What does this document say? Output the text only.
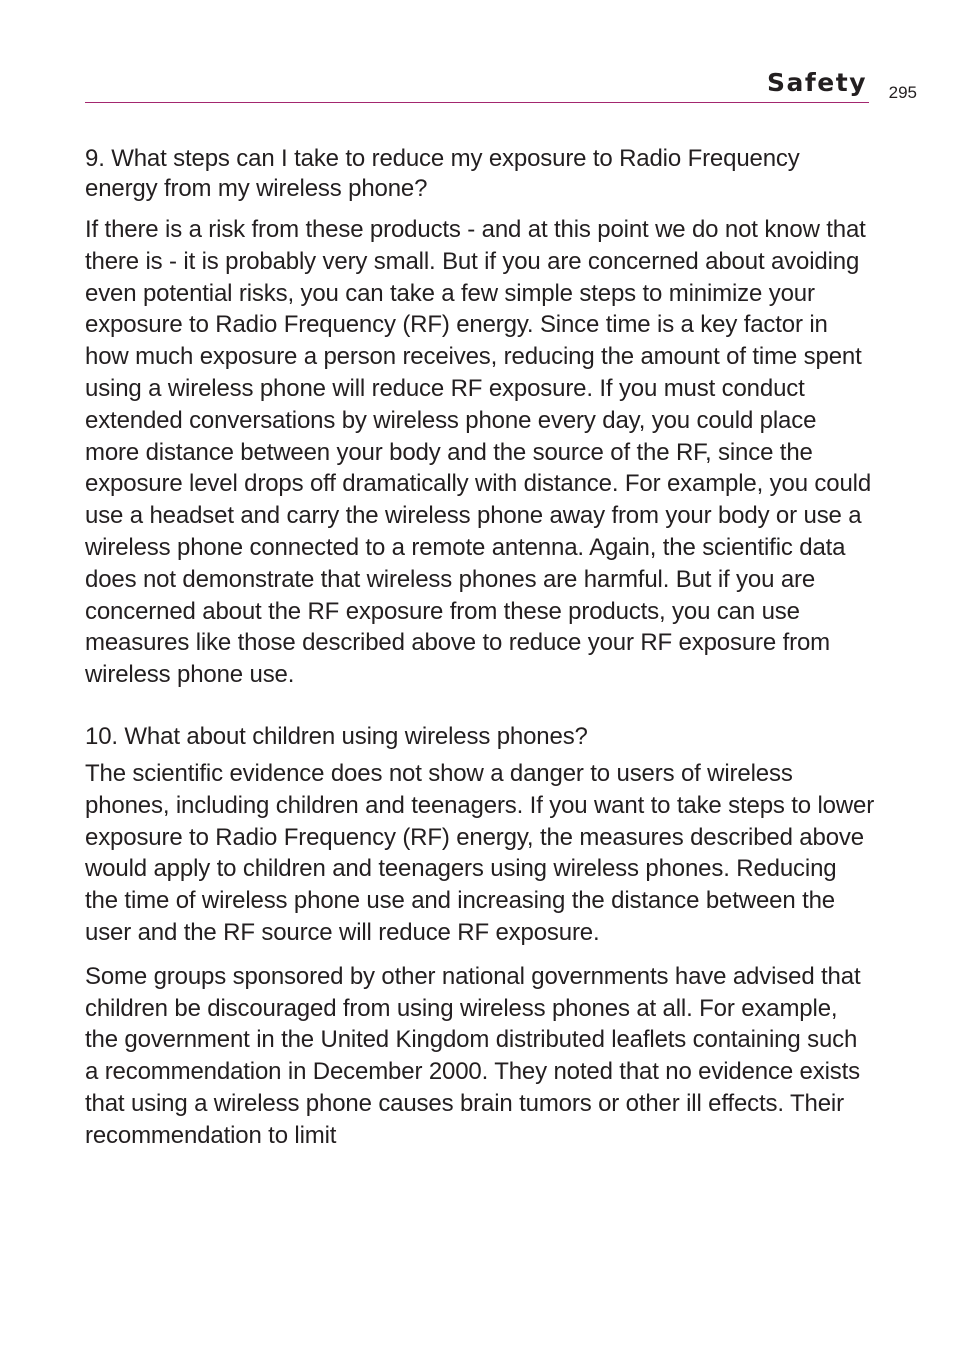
Safety 295

9. What steps can I take to reduce my exposure to Radio Frequency energy from my wireless phone?

If there is a risk from these products - and at this point we do not know that there is - it is probably very small. But if you are concerned about avoiding even potential risks, you can take a few simple steps to minimize your exposure to Radio Frequency (RF) energy. Since time is a key factor in how much exposure a person receives, reducing the amount of time spent using a wireless phone will reduce RF exposure. If you must conduct extended conversations by wireless phone every day, you could place more distance between your body and the source of the RF, since the exposure level drops off dramatically with distance. For example, you could use a headset and carry the wireless phone away from your body or use a wireless phone connected to a remote antenna. Again, the scientific data does not demonstrate that wireless phones are harmful. But if you are concerned about the RF exposure from these products, you can use measures like those described above to reduce your RF exposure from wireless phone use.

10. What about children using wireless phones?

The scientific evidence does not show a danger to users of wireless phones, including children and teenagers. If you want to take steps to lower exposure to Radio Frequency (RF) energy, the measures described above would apply to children and teenagers using wireless phones. Reducing the time of wireless phone use and increasing the distance between the user and the RF source will reduce RF exposure.

Some groups sponsored by other national governments have advised that children be discouraged from using wireless phones at all. For example, the government in the United Kingdom distributed leaflets containing such a recommendation in December 2000. They noted that no evidence exists that using a wireless phone causes brain tumors or other ill effects. Their recommendation to limit
